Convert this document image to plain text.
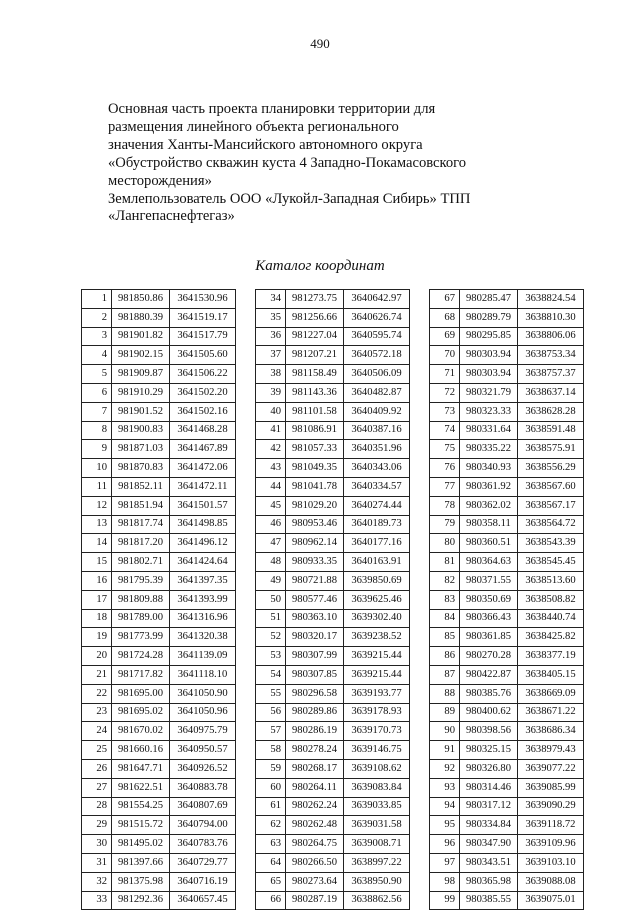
490
Основная часть проекта планировки территории для
размещения линейного объекта регионального
значения Ханты-Мансийского автономного округа
«Обустройство скважин куста 4 Западно-Покамасовского
месторождения»
Землепользователь ООО «Лукойл-Западная Сибирь» ТПП
«Лангепаснефтегаз»
Каталог координат
1	981850.86	3641530.96
2	981880.39	3641519.17
3	981901.82	3641517.79
4	981902.15	3641505.60
5	981909.87	3641506.22
6	981910.29	3641502.20
7	981901.52	3641502.16
8	981900.83	3641468.28
9	981871.03	3641467.89
10	981870.83	3641472.06
11	981852.11	3641472.11
12	981851.94	3641501.57
13	981817.74	3641498.85
14	981817.20	3641496.12
15	981802.71	3641424.64
16	981795.39	3641397.35
17	981809.88	3641393.99
18	981789.00	3641316.96
19	981773.99	3641320.38
20	981724.28	3641139.09
21	981717.82	3641118.10
22	981695.00	3641050.90
23	981695.02	3641050.96
24	981670.02	3640975.79
25	981660.16	3640950.57
26	981647.71	3640926.52
27	981622.51	3640883.78
28	981554.25	3640807.69
29	981515.72	3640794.00
30	981495.02	3640783.76
31	981397.66	3640729.77
32	981375.98	3640716.19
33	981292.36	3640657.45
34	981273.75	3640642.97
35	981256.66	3640626.74
36	981227.04	3640595.74
37	981207.21	3640572.18
38	981158.49	3640506.09
39	981143.36	3640482.87
40	981101.58	3640409.92
41	981086.91	3640387.16
42	981057.33	3640351.96
43	981049.35	3640343.06
44	981041.78	3640334.57
45	981029.20	3640274.44
46	980953.46	3640189.73
47	980962.14	3640177.16
48	980933.35	3640163.91
49	980721.88	3639850.69
50	980577.46	3639625.46
51	980363.10	3639302.40
52	980320.17	3639238.52
53	980307.99	3639215.44
54	980307.85	3639215.44
55	980296.58	3639193.77
56	980289.86	3639178.93
57	980286.19	3639170.73
58	980278.24	3639146.75
59	980268.17	3639108.62
60	980264.11	3639083.84
61	980262.24	3639033.85
62	980262.48	3639031.58
63	980264.75	3639008.71
64	980266.50	3638997.22
65	980273.64	3638950.90
66	980287.19	3638862.56
67	980285.47	3638824.54
68	980289.79	3638810.30
69	980295.85	3638806.06
70	980303.94	3638753.34
71	980303.94	3638757.37
72	980321.79	3638637.14
73	980323.33	3638628.28
74	980331.64	3638591.48
75	980335.22	3638575.91
76	980340.93	3638556.29
77	980361.92	3638567.60
78	980362.02	3638567.17
79	980358.11	3638564.72
80	980360.51	3638543.39
81	980364.63	3638545.45
82	980371.55	3638513.60
83	980350.69	3638508.82
84	980366.43	3638440.74
85	980361.85	3638425.82
86	980270.28	3638377.19
87	980422.87	3638405.15
88	980385.76	3638669.09
89	980400.62	3638671.22
90	980398.56	3638686.34
91	980325.15	3638979.43
92	980326.80	3639077.22
93	980314.46	3639085.99
94	980317.12	3639090.29
95	980334.84	3639118.72
96	980347.90	3639109.96
97	980343.51	3639103.10
98	980365.98	3639088.08
99	980385.55	3639075.01
